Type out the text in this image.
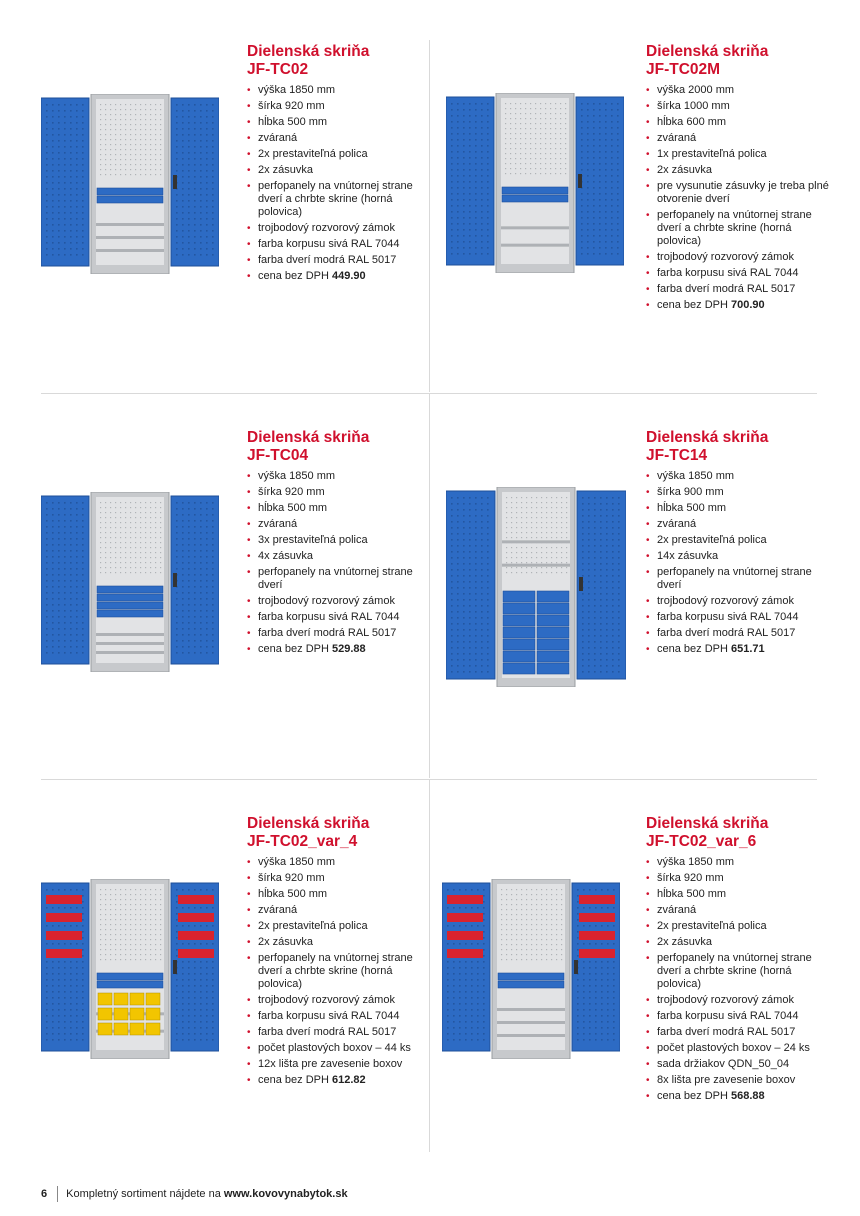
Dielenská skriňa
JF-TC02
• výška 1850 mm
• šírka 920 mm
• hĺbka 500 mm
• zváraná
• 2x prestaviteľná polica
• 2x zásuvka
• perfopanely na vnútornej strane dverí a chrbte skrine (horná polovica)
• trojbodový rozvorový zámok
• farba korpusu sivá RAL 7044
• farba dverí modrá RAL 5017
• cena bez DPH 449.90
Dielenská skriňa
JF-TC02M
• výška 2000 mm
• šírka 1000 mm
• hĺbka 600 mm
• zváraná
• 1x prestaviteľná polica
• 2x zásuvka
• pre vysunutie zásuvky je treba plné otvorenie dverí
• perfopanely na vnútornej strane dverí a chrbte skrine (horná polovica)
• trojbodový rozvorový zámok
• farba korpusu sivá RAL 7044
• farba dverí modrá RAL 5017
• cena bez DPH 700.90
Dielenská skriňa
JF-TC04
• výška 1850 mm
• šírka 920 mm
• hĺbka 500 mm
• zváraná
• 3x prestaviteľná polica
• 4x zásuvka
• perfopanely na vnútornej strane dverí
• trojbodový rozvorový zámok
• farba korpusu sivá RAL 7044
• farba dverí modrá RAL 5017
• cena bez DPH 529.88
Dielenská skriňa
JF-TC14
• výška 1850 mm
• šírka 900 mm
• hĺbka 500 mm
• zváraná
• 2x prestaviteľná polica
• 14x zásuvka
• perfopanely na vnútornej strane dverí
• trojbodový rozvorový zámok
• farba korpusu sivá RAL 7044
• farba dverí modrá RAL 5017
• cena bez DPH 651.71
Dielenská skriňa
JF-TC02_var_4
• výška 1850 mm
• šírka 920 mm
• hĺbka 500 mm
• zváraná
• 2x prestaviteľná polica
• 2x zásuvka
• perfopanely na vnútornej strane dverí a chrbte skrine (horná polovica)
• trojbodový rozvorový zámok
• farba korpusu sivá RAL 7044
• farba dverí modrá RAL 5017
• počet plastových boxov – 44 ks
• 12x lišta pre zavesenie boxov
• cena bez DPH 612.82
Dielenská skriňa
JF-TC02_var_6
• výška 1850 mm
• šírka 920 mm
• hĺbka 500 mm
• zváraná
• 2x prestaviteľná polica
• 2x zásuvka
• perfopanely na vnútornej strane dverí a chrbte skrine (horná polovica)
• trojbodový rozvorový zámok
• farba korpusu sivá RAL 7044
• farba dverí modrá RAL 5017
• počet plastových boxov – 24 ks
• sada držiakov QDN_50_04
• 8x lišta pre zavesenie boxov
• cena bez DPH 568.88
6 Kompletný sortiment nájdete na
www.kovovynabytok.sk
